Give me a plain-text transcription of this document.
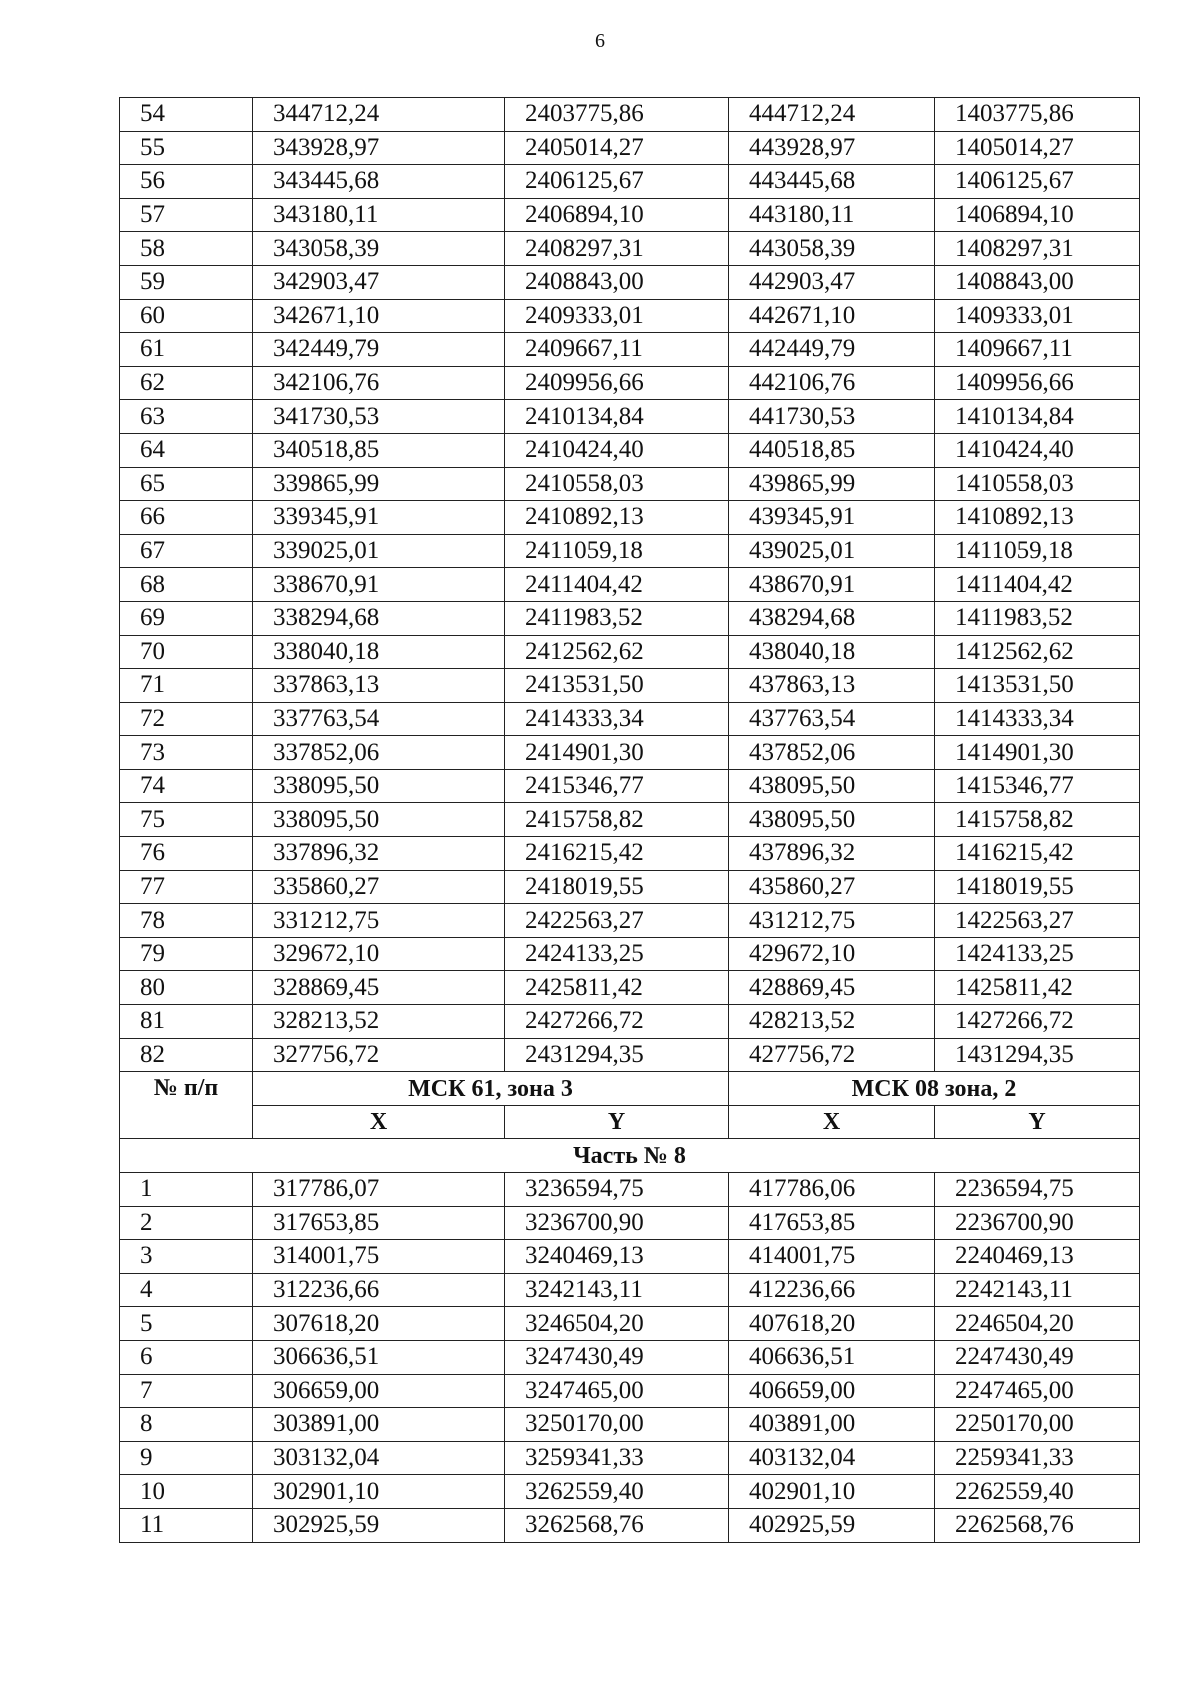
6
54	344712,24	2403775,86	444712,24	1403775,86
55	343928,97	2405014,27	443928,97	1405014,27
56	343445,68	2406125,67	443445,68	1406125,67
57	343180,11	2406894,10	443180,11	1406894,10
58	343058,39	2408297,31	443058,39	1408297,31
59	342903,47	2408843,00	442903,47	1408843,00
60	342671,10	2409333,01	442671,10	1409333,01
61	342449,79	2409667,11	442449,79	1409667,11
62	342106,76	2409956,66	442106,76	1409956,66
63	341730,53	2410134,84	441730,53	1410134,84
64	340518,85	2410424,40	440518,85	1410424,40
65	339865,99	2410558,03	439865,99	1410558,03
66	339345,91	2410892,13	439345,91	1410892,13
67	339025,01	2411059,18	439025,01	1411059,18
68	338670,91	2411404,42	438670,91	1411404,42
69	338294,68	2411983,52	438294,68	1411983,52
70	338040,18	2412562,62	438040,18	1412562,62
71	337863,13	2413531,50	437863,13	1413531,50
72	337763,54	2414333,34	437763,54	1414333,34
73	337852,06	2414901,30	437852,06	1414901,30
74	338095,50	2415346,77	438095,50	1415346,77
75	338095,50	2415758,82	438095,50	1415758,82
76	337896,32	2416215,42	437896,32	1416215,42
77	335860,27	2418019,55	435860,27	1418019,55
78	331212,75	2422563,27	431212,75	1422563,27
79	329672,10	2424133,25	429672,10	1424133,25
80	328869,45	2425811,42	428869,45	1425811,42
81	328213,52	2427266,72	428213,52	1427266,72
82	327756,72	2431294,35	427756,72	1431294,35
№ п/п	МСК 61, зона 3		МСК 08 зона, 2	
	X	Y	X	Y
Часть № 8				
1	317786,07	3236594,75	417786,06	2236594,75
2	317653,85	3236700,90	417653,85	2236700,90
3	314001,75	3240469,13	414001,75	2240469,13
4	312236,66	3242143,11	412236,66	2242143,11
5	307618,20	3246504,20	407618,20	2246504,20
6	306636,51	3247430,49	406636,51	2247430,49
7	306659,00	3247465,00	406659,00	2247465,00
8	303891,00	3250170,00	403891,00	2250170,00
9	303132,04	3259341,33	403132,04	2259341,33
10	302901,10	3262559,40	402901,10	2262559,40
11	302925,59	3262568,76	402925,59	2262568,76
